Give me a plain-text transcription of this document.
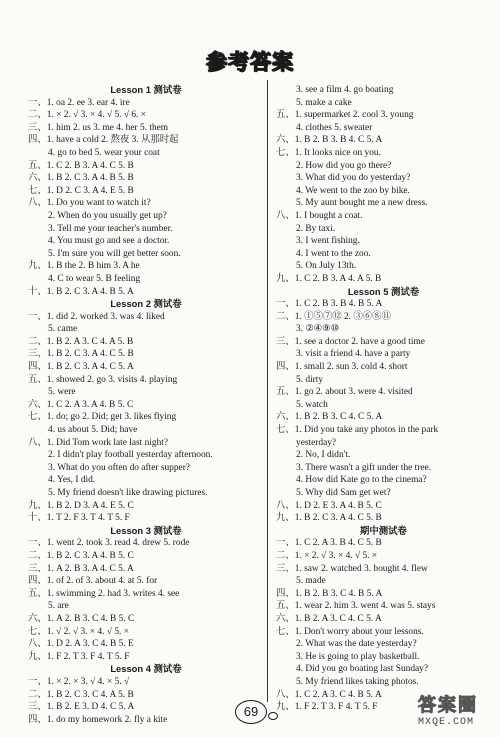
参考答案
Lesson 1 测试卷
一、1. oa 2. ee 3. ear 4. ire
二、1. × 2. √ 3. × 4. √ 5. √ 6. ×
三、1. him 2. us 3. me 4. her 5. them
四、1. have a cold 2. 熬夜 3. 从那时起
4. go to bed 5. wear your coat
五、1. C 2. B 3. A 4. C 5. B
六、1. B 2. C 3. A 4. B 5. B
七、1. D 2. C 3. A 4. E 5. B
八、1. Do you want to watch it?
2. When do you usually get up?
3. Tell me your teacher's number.
4. You must go and see a doctor.
5. I'm sure you will get better soon.
九、1. B the 2. B him 3. A he
4. C to wear 5. B feeling
十、1. B 2. C 3. A 4. B 5. A
Lesson 2 测试卷
一、1. did 2. worked 3. was 4. liked
5. came
二、1. B 2. A 3. C 4. A 5. B
三、1. B 2. C 3. A 4. C 5. B
四、1. B 2. C 3. A 4. C 5. A
五、1. showed 2. go 3. visits 4. playing
5. were
六、1. C 2. A 3. A 4. B 5. C
七、1. do; go 2. Did; get 3. likes flying
4. us about 5. Did; have
八、1. Did Tom work late last night?
2. I didn't play football yesterday afternoon.
3. What do you often do after supper?
4. Yes, I did.
5. My friend doesn't like drawing pictures.
九、1. B 2. D 3. A 4. E 5. C
十、1. T 2. F 3. T 4. T 5. F
Lesson 3 测试卷
一、1. went 2. took 3. read 4. drew 5. rode
二、1. B 2. C 3. A 4. B 5. C
三、1. A 2. B 3. A 4. C 5. A
四、1. of 2. of 3. about 4. at 5. for
五、1. swimming 2. had 3. writes 4. see
5. are
六、1. A 2. B 3. C 4. B 5. C
七、1. √ 2. √ 3. × 4. √ 5. ×
八、1. D 2. A 3. C 4. B 5. E
九、1. F 2. T 3. F 4. T 5. F
Lesson 4 测试卷
一、1. × 2. × 3. √ 4. × 5. √
二、1. B 2. C 3. C 4. A 5. B
三、1. B 2. E 3. D 4. C 5. A
四、1. do my homework 2. fly a kite
3. see a film 4. go boating
5. make a cake
五、1. supermarket 2. cool 3. young
4. clothes 5. sweater
六、1. B 2. B 3. B 4. C 5. A
七、1. It looks nice on you.
2. How did you go there?
3. What did you do yesterday?
4. We went to the zoo by bike.
5. My aunt bought me a new dress.
八、1. I bought a coat.
2. By taxi.
3. I went fishing.
4. I went to the zoo.
5. On July 13th.
九、1. C 2. B 3. A 4. A 5. B
Lesson 5 测试卷
一、1. C 2. B 3. B 4. B 5. A
二、1. ①⑤⑦⑫ 2. ③⑥⑧⑪
3. ②④⑨⑩
三、1. see a doctor 2. have a good time
3. visit a friend 4. have a party
四、1. small 2. sun 3. cold 4. short
5. dirty
五、1. go 2. about 3. were 4. visited
5. watch
六、1. B 2. B 3. C 4. C 5. A
七、1. Did you take any photos in the park
yesterday?
2. No, I didn't.
3. There wasn't a gift under the tree.
4. How did Kate go to the cinema?
5. Why did Sam get wet?
八、1. D 2. E 3. A 4. B 5. C
九、1. B 2. C 3. A 4. C 5. B
期中测试卷
一、1. C 2. A 3. B 4. C 5. B
二、1. × 2. √ 3. × 4. √ 5. ×
三、1. saw 2. watched 3. bought 4. flew
5. made
四、1. B 2. B 3. C 4. B 5. A
五、1. wear 2. him 3. went 4. was 5. stays
六、1. B 2. A 3. C 4. C 5. A
七、1. Don't worry about your lessons.
2. What was the date yesterday?
3. He is going to play basketball.
4. Did you go boating last Sunday?
5. My friend likes taking photos.
八、1. C 2. A 3. C 4. B 5. A
九、1. F 2. T 3. F 4. T 5. F
69	答案圈
MXQE.COM
